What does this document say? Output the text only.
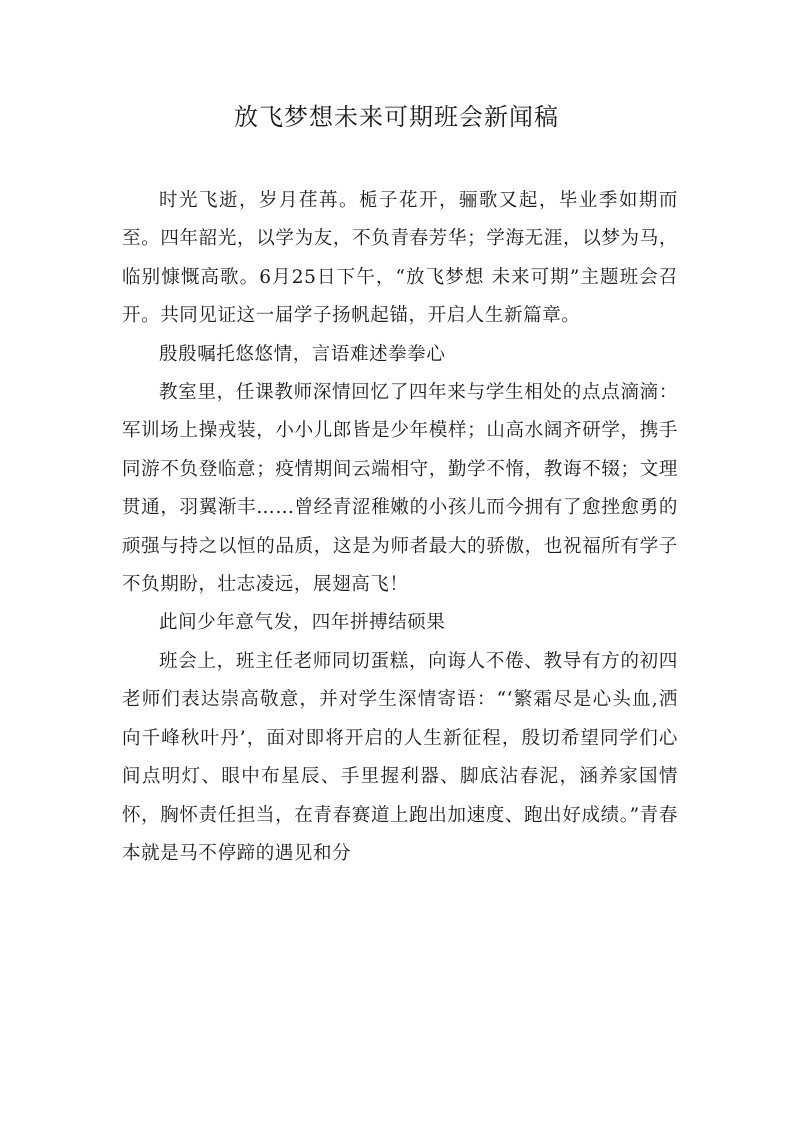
放飞梦想未来可期班会新闻稿

时光飞逝，岁月荏苒。栀子花开，骊歌又起，毕业季如期而至。四年韶光，以学为友，不负青春芳华；学海无涯，以梦为马，临别慷慨高歌。6月25日下午，“放飞梦想 未来可期”主题班会召开。共同见证这一届学子扬帆起锚，开启人生新篇章。

殷殷嘱托悠悠情，言语难述拳拳心

教室里，任课教师深情回忆了四年来与学生相处的点点滴滴：军训场上操戎装，小小儿郎皆是少年模样；山高水阔齐研学，携手同游不负登临意；疫情期间云端相守，勤学不惰，教诲不辍；文理贯通，羽翼渐丰……曾经青涩稚嫩的小孩儿而今拥有了愈挫愈勇的顽强与持之以恒的品质，这是为师者最大的骄傲，也祝福所有学子不负期盼，壮志凌远，展翅高飞！

此间少年意气发，四年拼搏结硕果

班会上，班主任老师同切蛋糕，向诲人不倦、教导有方的初四老师们表达崇高敬意，并对学生深情寄语：“‘繁霜尽是心头血,洒向千峰秋叶丹’，面对即将开启的人生新征程，殷切希望同学们心间点明灯、眼中布星辰、手里握利器、脚底沾春泥，涵养家国情怀，胸怀责任担当，在青春赛道上跑出加速度、跑出好成绩。”青春本就是马不停蹄的遇见和分
